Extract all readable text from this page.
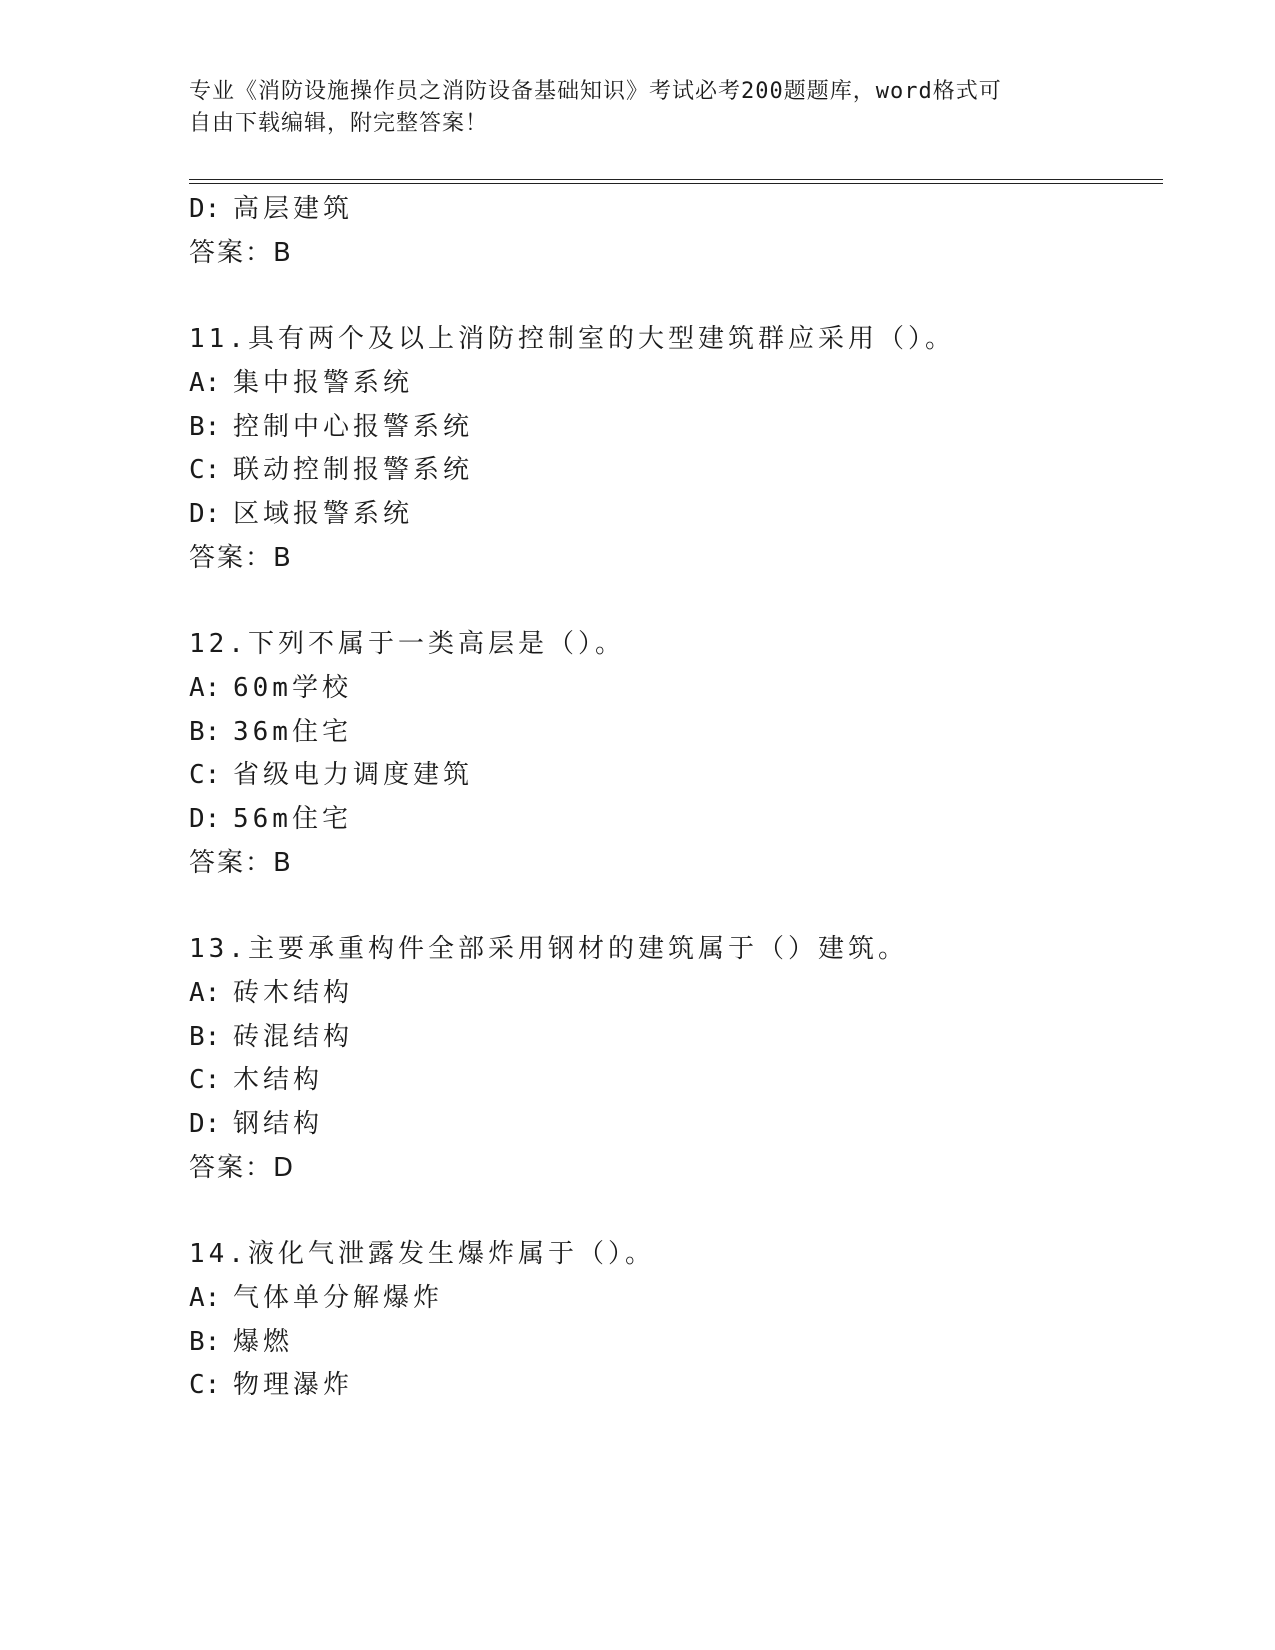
专业《消防设施操作员之消防设备基础知识》考试必考200题题库，word格式可
自由下载编辑，附完整答案！
D: 高层建筑
答案：B
11.具有两个及以上消防控制室的大型建筑群应采用（）。
A: 集中报警系统
B: 控制中心报警系统
C: 联动控制报警系统
D: 区域报警系统
答案：B
12.下列不属于一类高层是（）。
A: 60m学校
B: 36m住宅
C: 省级电力调度建筑
D: 56m住宅
答案：B
13.主要承重构件全部采用钢材的建筑属于（）建筑。
A: 砖木结构
B: 砖混结构
C: 木结构
D: 钢结构
答案：D
14.液化气泄露发生爆炸属于（）。
A: 气体单分解爆炸
B: 爆燃
C: 物理瀑炸
